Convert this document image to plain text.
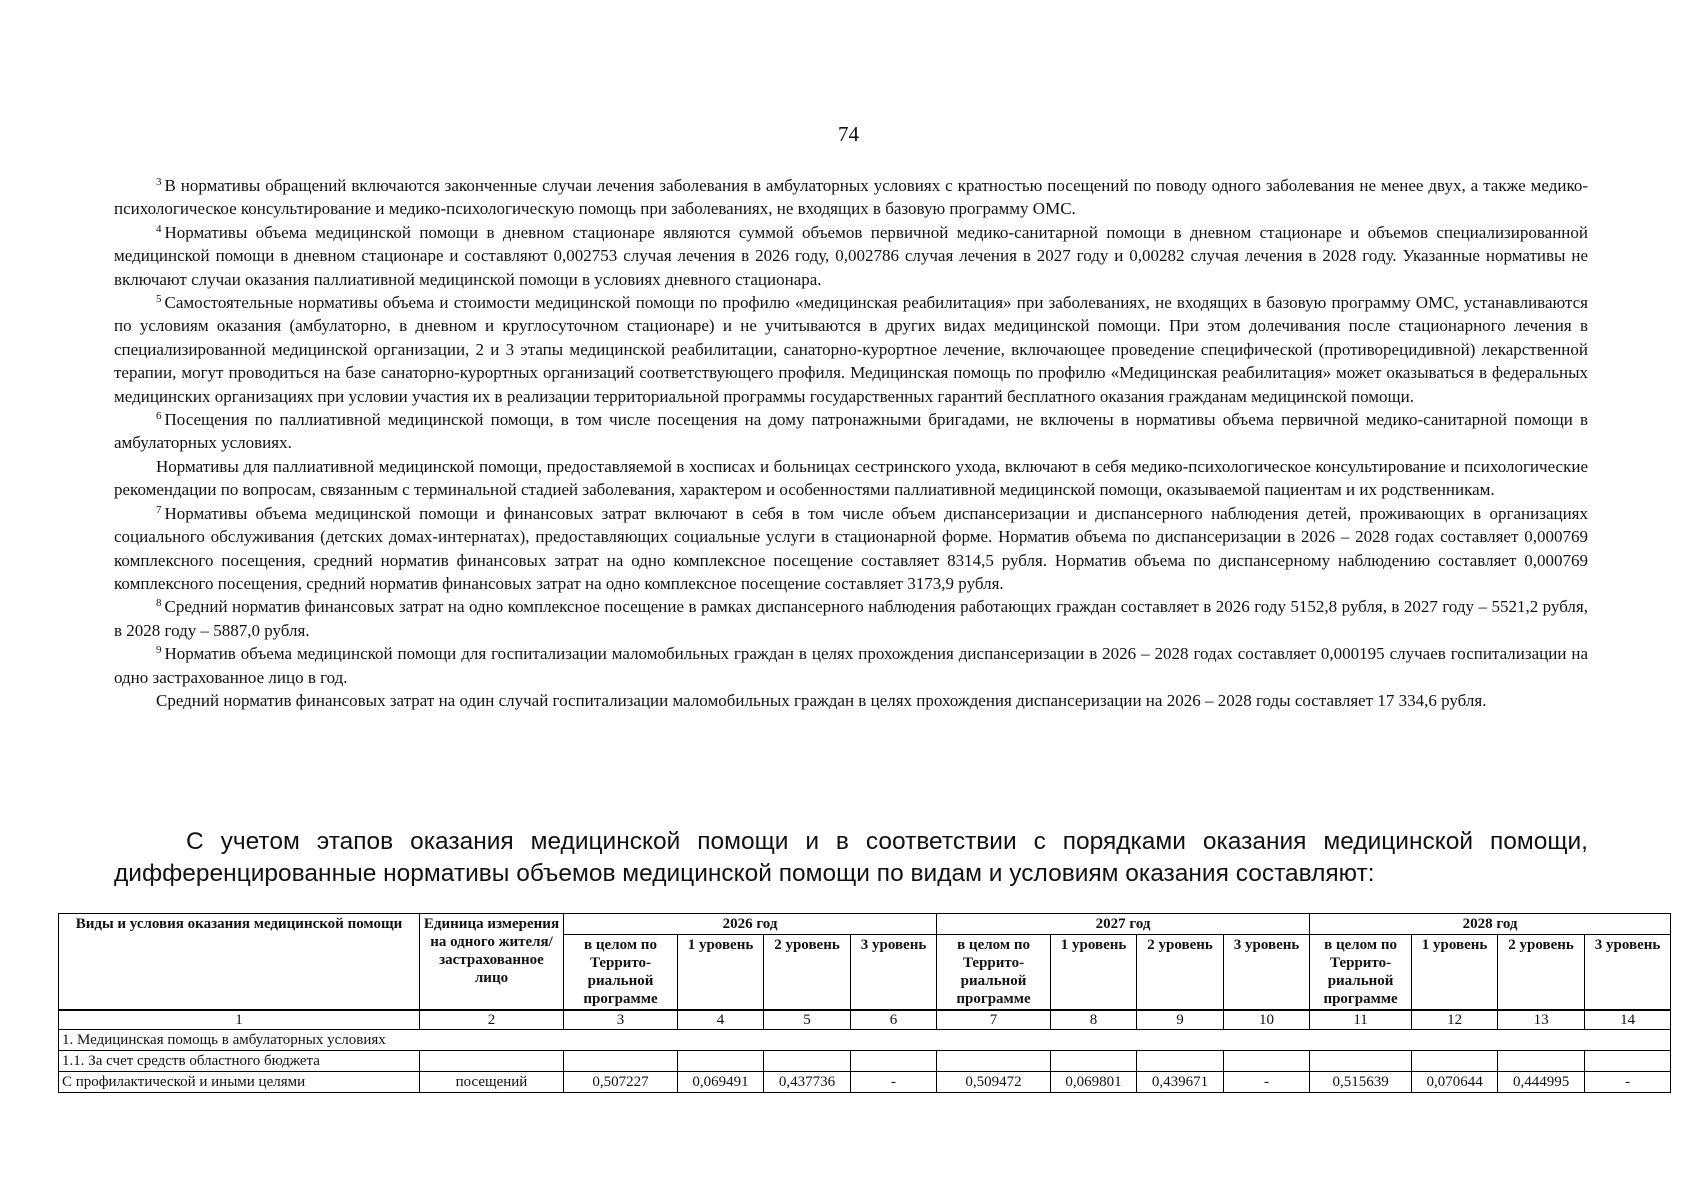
74

$^3$ В нормативы обращений включаются законченные случаи лечения заболевания в амбулаторных условиях с кратностью посещений по поводу одного заболевания не менее двух, а также медико-психологическое консультирование и медико-психологическую помощь при заболеваниях, не входящих в базовую программу ОМС.

$^4$ Нормативы объема медицинской помощи в дневном стационаре являются суммой объемов первичной медико-санитарной помощи в дневном стационаре и объемов специализированной медицинской помощи в дневном стационаре и составляют 0,002753 случая лечения в 2026 году, 0,002786 случая лечения в 2027 году и 0,00282 случая лечения в 2028 году. Указанные нормативы не включают случаи оказания паллиативной медицинской помощи в условиях дневного стационара.

$^5$ Самостоятельные нормативы объема и стоимости медицинской помощи по профилю «медицинская реабилитация» при заболеваниях, не входящих в базовую программу ОМС, устанавливаются по условиям оказания (амбулаторно, в дневном и круглосуточном стационаре) и не учитываются в других видах медицинской помощи. При этом долечивания после стационарного лечения в специализированной медицинской организации, 2 и 3 этапы медицинской реабилитации, санаторно-курортное лечение, включающее проведение специфической (противорецидивной) лекарственной терапии, могут проводиться на базе санаторно-курортных организаций соответствующего профиля. Медицинская помощь по профилю «Медицинская реабилитация» может оказываться в федеральных медицинских организациях при условии участия их в реализации территориальной программы государственных гарантий бесплатного оказания гражданам медицинской помощи.

$^6$ Посещения по паллиативной медицинской помощи, в том числе посещения на дому патронажными бригадами, не включены в нормативы объема первичной медико-санитарной помощи в амбулаторных условиях.

Нормативы для паллиативной медицинской помощи, предоставляемой в хосписах и больницах сестринского ухода, включают в себя медико-психологическое консультирование и психологические рекомендации по вопросам, связанным с терминальной стадией заболевания, характером и особенностями паллиативной медицинской помощи, оказываемой пациентам и их родственникам.

$^7$ Нормативы объема медицинской помощи и финансовых затрат включают в себя в том числе объем диспансеризации и диспансерного наблюдения детей, проживающих в организациях социального обслуживания (детских домах-интернатах), предоставляющих социальные услуги в стационарной форме. Норматив объема по диспансеризации в 2026 – 2028 годах составляет 0,000769 комплексного посещения, средний норматив финансовых затрат на одно комплексное посещение составляет 8314,5 рубля. Норматив объема по диспансерному наблюдению составляет 0,000769 комплексного посещения, средний норматив финансовых затрат на одно комплексное посещение составляет 3173,9 рубля.

$^8$ Средний норматив финансовых затрат на одно комплексное посещение в рамках диспансерного наблюдения работающих граждан составляет в 2026 году 5152,8 рубля, в 2027 году – 5521,2 рубля, в 2028 году – 5887,0 рубля.

$^9$ Норматив объема медицинской помощи для госпитализации маломобильных граждан в целях прохождения диспансеризации в 2026 – 2028 годах составляет 0,000195 случаев госпитализации на одно застрахованное лицо в год.

Средний норматив финансовых затрат на один случай госпитализации маломобильных граждан в целях прохождения диспансеризации на 2026 – 2028 годы составляет 17 334,6 рубля.

С учетом этапов оказания медицинской помощи и в соответствии с порядками оказания медицинской помощи, дифференцированные нормативы объемов медицинской помощи по видам и условиям оказания составляют:
Виды и условия оказания медицинской помощи	Единица измерения на одного жителя/ застрахованное лицо	2026 год				2027 год				2028 год			
		в целом по Террито-риальной программе	1 уровень	2 уровень	3 уровень	в целом по Террито-риальной программе	1 уровень	2 уровень	3 уровень	в целом по Террито-риальной программе	1 уровень	2 уровень	3 уровень
1	2	3	4	5	6	7	8	9	10	11	12	13	14
1. Медицинская помощь в амбулаторных условиях													
1.1. За счет средств областного бюджета													
С профилактической и иными целями	посещений	0,507227	0,069491	0,437736	-	0,509472	0,069801	0,439671	-	0,515639	0,070644	0,444995	-
